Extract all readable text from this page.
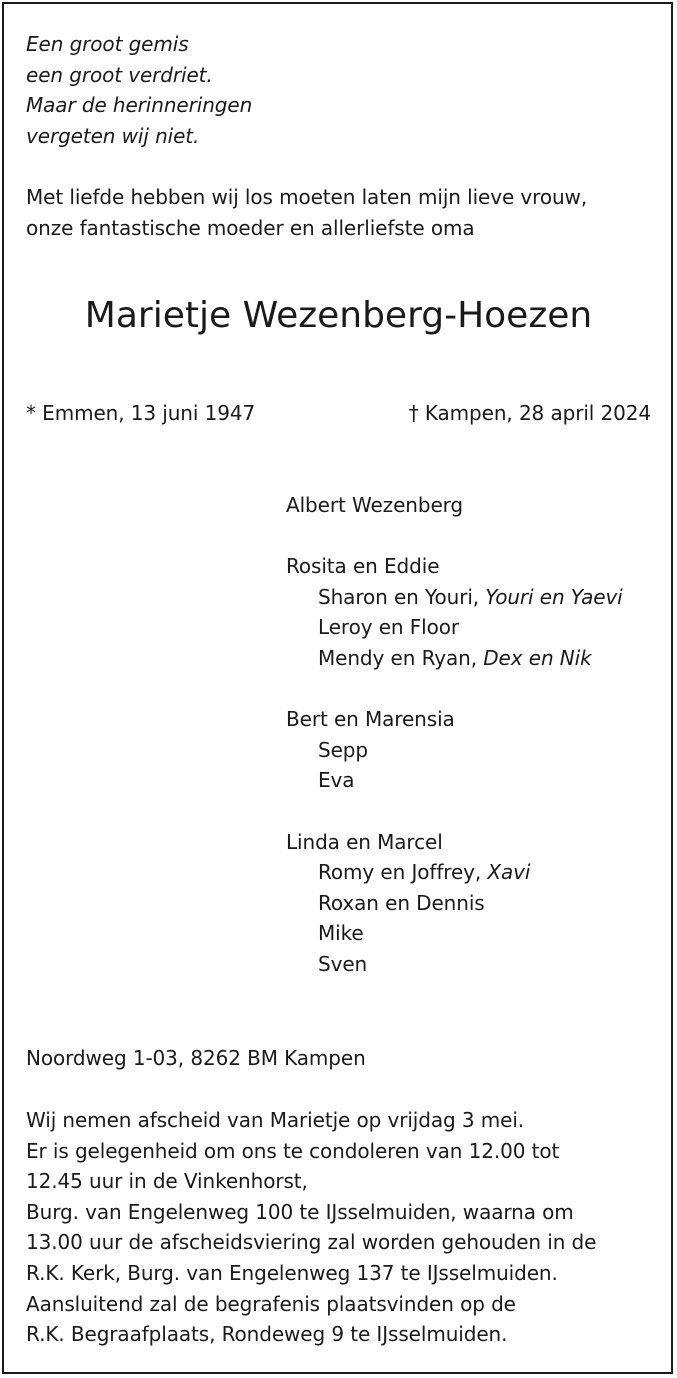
Een groot gemis
een groot verdriet.
Maar de herinneringen
vergeten wij niet.
Met liefde hebben wij los moeten laten mijn lieve vrouw,
onze fantastische moeder en allerliefste oma
Marietje Wezenberg-Hoezen
* Emmen, 13 juni 1947	† Kampen, 28 april 2024
Albert Wezenberg
Rosita en Eddie
Sharon en Youri, Youri en Yaevi
Leroy en Floor
Mendy en Ryan, Dex en Nik
Bert en Marensia
Sepp
Eva
Linda en Marcel
Romy en Joffrey, Xavi
Roxan en Dennis
Mike
Sven
Noordweg 1-03, 8262 BM Kampen
Wij nemen afscheid van Marietje op vrijdag 3 mei.
Er is gelegenheid om ons te condoleren van 12.00 tot
12.45 uur in de Vinkenhorst,
Burg. van Engelenweg 100 te IJsselmuiden, waarna om
13.00 uur de afscheidsviering zal worden gehouden in de
R.K. Kerk, Burg. van Engelenweg 137 te IJsselmuiden.
Aansluitend zal de begrafenis plaatsvinden op de
R.K. Begraafplaats, Rondeweg 9 te IJsselmuiden.
